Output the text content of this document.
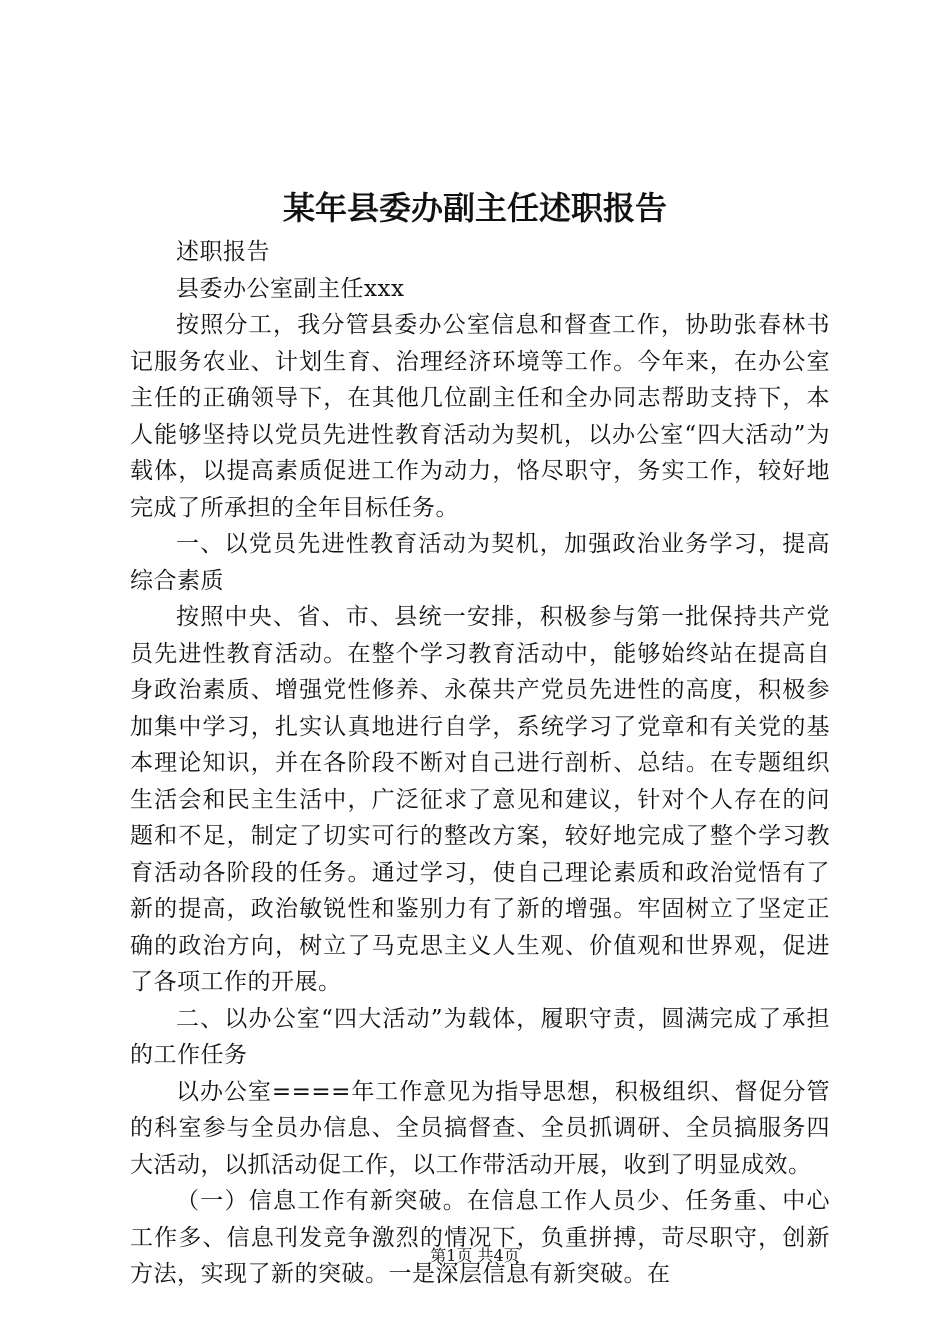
某年县委办副主任述职报告

述职报告

县委办公室副主任xxx

按照分工，我分管县委办公室信息和督查工作，协助张春林书记服务农业、计划生育、治理经济环境等工作。今年来，在办公室主任的正确领导下，在其他几位副主任和全办同志帮助支持下，本人能够坚持以党员先进性教育活动为契机，以办公室“四大活动”为载体，以提高素质促进工作为动力，恪尽职守，务实工作，较好地完成了所承担的全年目标任务。

一、以党员先进性教育活动为契机，加强政治业务学习，提高综合素质

按照中央、省、市、县统一安排，积极参与第一批保持共产党员先进性教育活动。在整个学习教育活动中，能够始终站在提高自身政治素质、增强党性修养、永葆共产党员先进性的高度，积极参加集中学习，扎实认真地进行自学，系统学习了党章和有关党的基本理论知识，并在各阶段不断对自己进行剖析、总结。在专题组织生活会和民主生活中，广泛征求了意见和建议，针对个人存在的问题和不足，制定了切实可行的整改方案，较好地完成了整个学习教育活动各阶段的任务。通过学习，使自己理论素质和政治觉悟有了新的提高，政治敏锐性和鉴别力有了新的增强。牢固树立了坚定正确的政治方向，树立了马克思主义人生观、价值观和世界观，促进了各项工作的开展。

二、以办公室“四大活动”为载体，履职守责，圆满完成了承担的工作任务

以办公室====年工作意见为指导思想，积极组织、督促分管的科室参与全员办信息、全员搞督查、全员抓调研、全员搞服务四大活动，以抓活动促工作，以工作带活动开展，收到了明显成效。

（一）信息工作有新突破。在信息工作人员少、任务重、中心工作多、信息刊发竞争激烈的情况下，负重拼搏，苛尽职守，创新方法，实现了新的突破。一是深层信息有新突破。在

第1页 共4页
